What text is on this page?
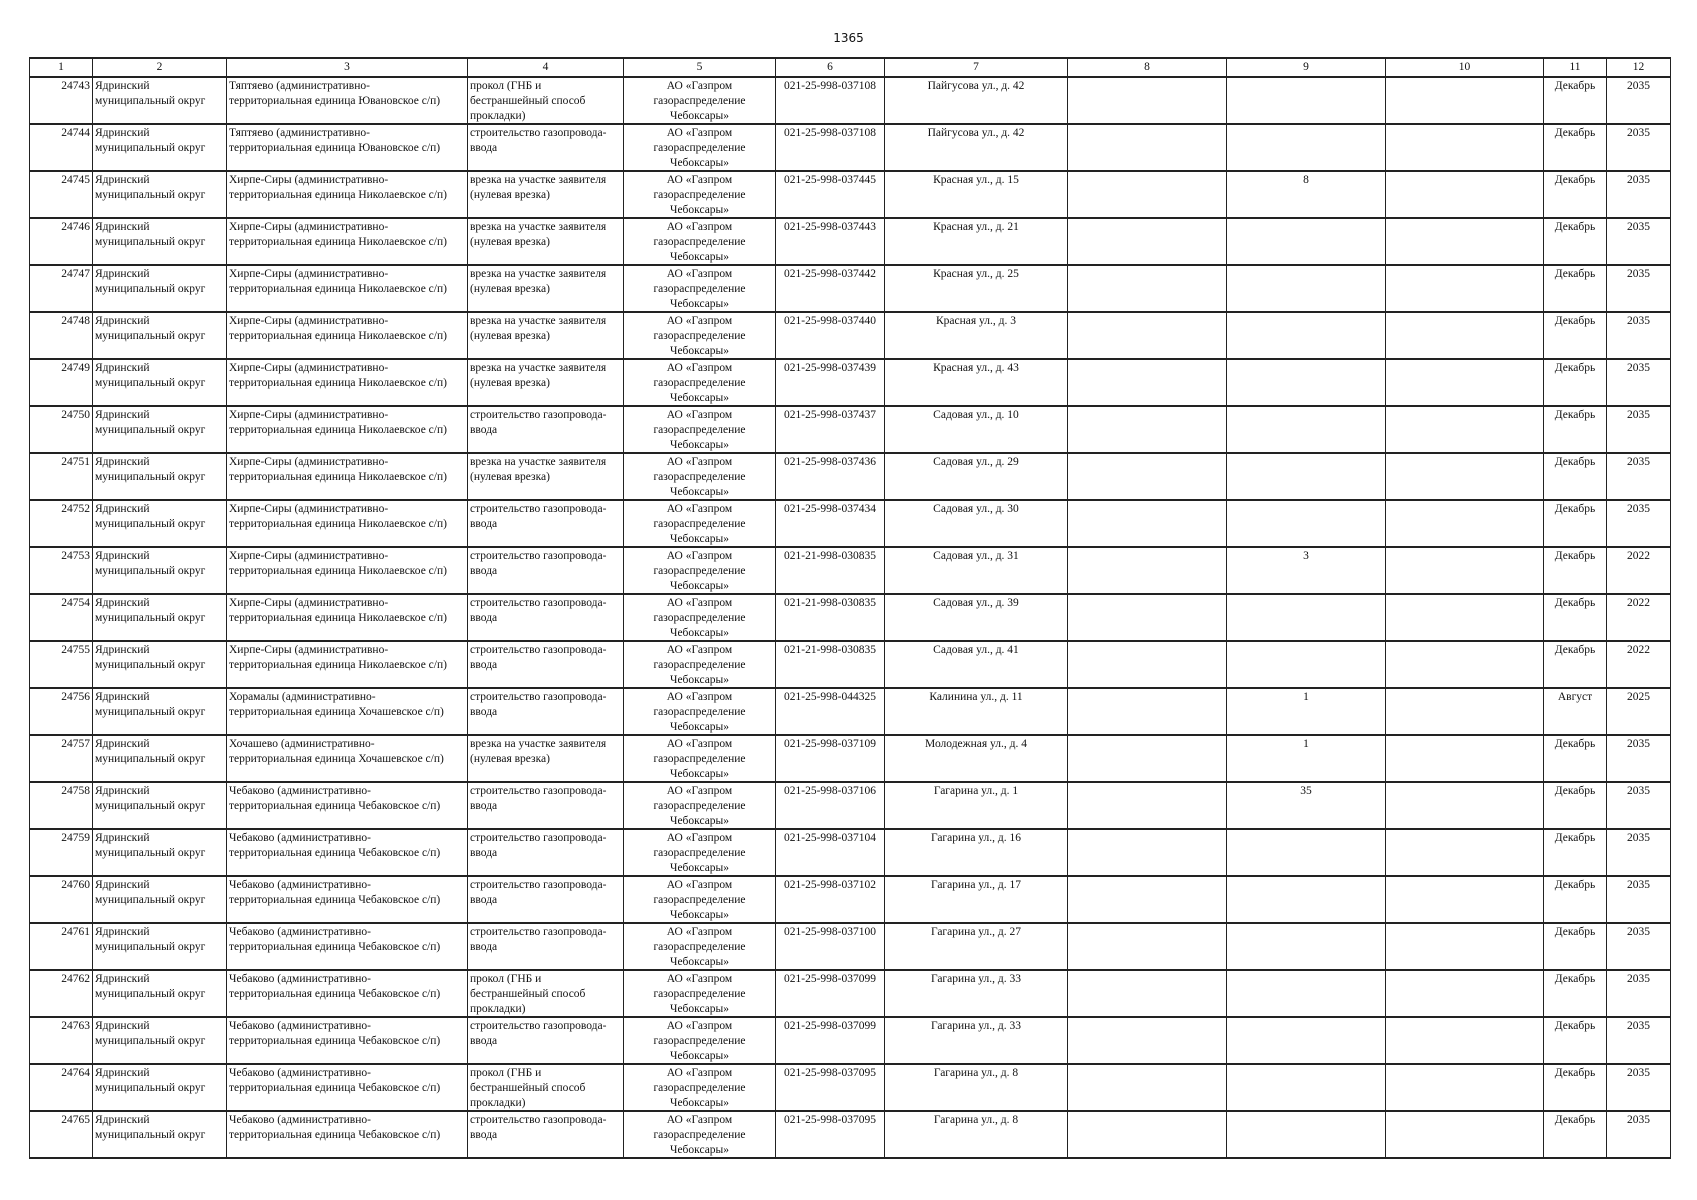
1365
1	2	3	4	5	6	7	8	9	10	11	12

24743	Ядринский
муниципальный округ	Тяптяево (административно-
территориальная единица Ювановское с/п)	прокол (ГНБ и
бестраншейный способ
прокладки)	АО «Газпром
газораспределение
Чебоксары»	021-25-998-037108	Пайгусова ул., д. 42				Декабрь	2035

24744	Ядринский
муниципальный округ	Тяптяево (административно-
территориальная единица Ювановское с/п)	строительство газопровода-
ввода	АО «Газпром
газораспределение
Чебоксары»	021-25-998-037108	Пайгусова ул., д. 42				Декабрь	2035

24745	Ядринский
муниципальный округ	Хирпе-Сиры (административно-
территориальная единица Николаевское с/п)	врезка на участке заявителя
(нулевая врезка)	АО «Газпром
газораспределение
Чебоксары»	021-25-998-037445	Красная ул., д. 15		8		Декабрь	2035

24746	Ядринский
муниципальный округ	Хирпе-Сиры (административно-
территориальная единица Николаевское с/п)	врезка на участке заявителя
(нулевая врезка)	АО «Газпром
газораспределение
Чебоксары»	021-25-998-037443	Красная ул., д. 21				Декабрь	2035

24747	Ядринский
муниципальный округ	Хирпе-Сиры (административно-
территориальная единица Николаевское с/п)	врезка на участке заявителя
(нулевая врезка)	АО «Газпром
газораспределение
Чебоксары»	021-25-998-037442	Красная ул., д. 25				Декабрь	2035

24748	Ядринский
муниципальный округ	Хирпе-Сиры (административно-
территориальная единица Николаевское с/п)	врезка на участке заявителя
(нулевая врезка)	АО «Газпром
газораспределение
Чебоксары»	021-25-998-037440	Красная ул., д. 3				Декабрь	2035

24749	Ядринский
муниципальный округ	Хирпе-Сиры (административно-
территориальная единица Николаевское с/п)	врезка на участке заявителя
(нулевая врезка)	АО «Газпром
газораспределение
Чебоксары»	021-25-998-037439	Красная ул., д. 43				Декабрь	2035

24750	Ядринский
муниципальный округ	Хирпе-Сиры (административно-
территориальная единица Николаевское с/п)	строительство газопровода-
ввода	АО «Газпром
газораспределение
Чебоксары»	021-25-998-037437	Садовая ул., д. 10				Декабрь	2035

24751	Ядринский
муниципальный округ	Хирпе-Сиры (административно-
территориальная единица Николаевское с/п)	врезка на участке заявителя
(нулевая врезка)	АО «Газпром
газораспределение
Чебоксары»	021-25-998-037436	Садовая ул., д. 29				Декабрь	2035

24752	Ядринский
муниципальный округ	Хирпе-Сиры (административно-
территориальная единица Николаевское с/п)	строительство газопровода-
ввода	АО «Газпром
газораспределение
Чебоксары»	021-25-998-037434	Садовая ул., д. 30				Декабрь	2035

24753	Ядринский
муниципальный округ	Хирпе-Сиры (административно-
территориальная единица Николаевское с/п)	строительство газопровода-
ввода	АО «Газпром
газораспределение
Чебоксары»	021-21-998-030835	Садовая ул., д. 31		3		Декабрь	2022

24754	Ядринский
муниципальный округ	Хирпе-Сиры (административно-
территориальная единица Николаевское с/п)	строительство газопровода-
ввода	АО «Газпром
газораспределение
Чебоксары»	021-21-998-030835	Садовая ул., д. 39				Декабрь	2022

24755	Ядринский
муниципальный округ	Хирпе-Сиры (административно-
территориальная единица Николаевское с/п)	строительство газопровода-
ввода	АО «Газпром
газораспределение
Чебоксары»	021-21-998-030835	Садовая ул., д. 41				Декабрь	2022

24756	Ядринский
муниципальный округ	Хорамалы (административно-
территориальная единица Хочашевское с/п)	строительство газопровода-
ввода	АО «Газпром
газораспределение
Чебоксары»	021-25-998-044325	Калинина ул., д. 11		1		Август	2025

24757	Ядринский
муниципальный округ	Хочашево (административно-
территориальная единица Хочашевское с/п)	врезка на участке заявителя
(нулевая врезка)	АО «Газпром
газораспределение
Чебоксары»	021-25-998-037109	Молодежная ул., д. 4		1		Декабрь	2035

24758	Ядринский
муниципальный округ	Чебаково (административно-
территориальная единица Чебаковское с/п)	строительство газопровода-
ввода	АО «Газпром
газораспределение
Чебоксары»	021-25-998-037106	Гагарина ул., д. 1		35		Декабрь	2035

24759	Ядринский
муниципальный округ	Чебаково (административно-
территориальная единица Чебаковское с/п)	строительство газопровода-
ввода	АО «Газпром
газораспределение
Чебоксары»	021-25-998-037104	Гагарина ул., д. 16				Декабрь	2035

24760	Ядринский
муниципальный округ	Чебаково (административно-
территориальная единица Чебаковское с/п)	строительство газопровода-
ввода	АО «Газпром
газораспределение
Чебоксары»	021-25-998-037102	Гагарина ул., д. 17				Декабрь	2035

24761	Ядринский
муниципальный округ	Чебаково (административно-
территориальная единица Чебаковское с/п)	строительство газопровода-
ввода	АО «Газпром
газораспределение
Чебоксары»	021-25-998-037100	Гагарина ул., д. 27				Декабрь	2035

24762	Ядринский
муниципальный округ	Чебаково (административно-
территориальная единица Чебаковское с/п)	прокол (ГНБ и
бестраншейный способ
прокладки)	АО «Газпром
газораспределение
Чебоксары»	021-25-998-037099	Гагарина ул., д. 33				Декабрь	2035

24763	Ядринский
муниципальный округ	Чебаково (административно-
территориальная единица Чебаковское с/п)	строительство газопровода-
ввода	АО «Газпром
газораспределение
Чебоксары»	021-25-998-037099	Гагарина ул., д. 33				Декабрь	2035

24764	Ядринский
муниципальный округ	Чебаково (административно-
территориальная единица Чебаковское с/п)	прокол (ГНБ и
бестраншейный способ
прокладки)	АО «Газпром
газораспределение
Чебоксары»	021-25-998-037095	Гагарина ул., д. 8				Декабрь	2035

24765	Ядринский
муниципальный округ	Чебаково (административно-
территориальная единица Чебаковское с/п)	строительство газопровода-
ввода	АО «Газпром
газораспределение
Чебоксары»	021-25-998-037095	Гагарина ул., д. 8				Декабрь	2035
